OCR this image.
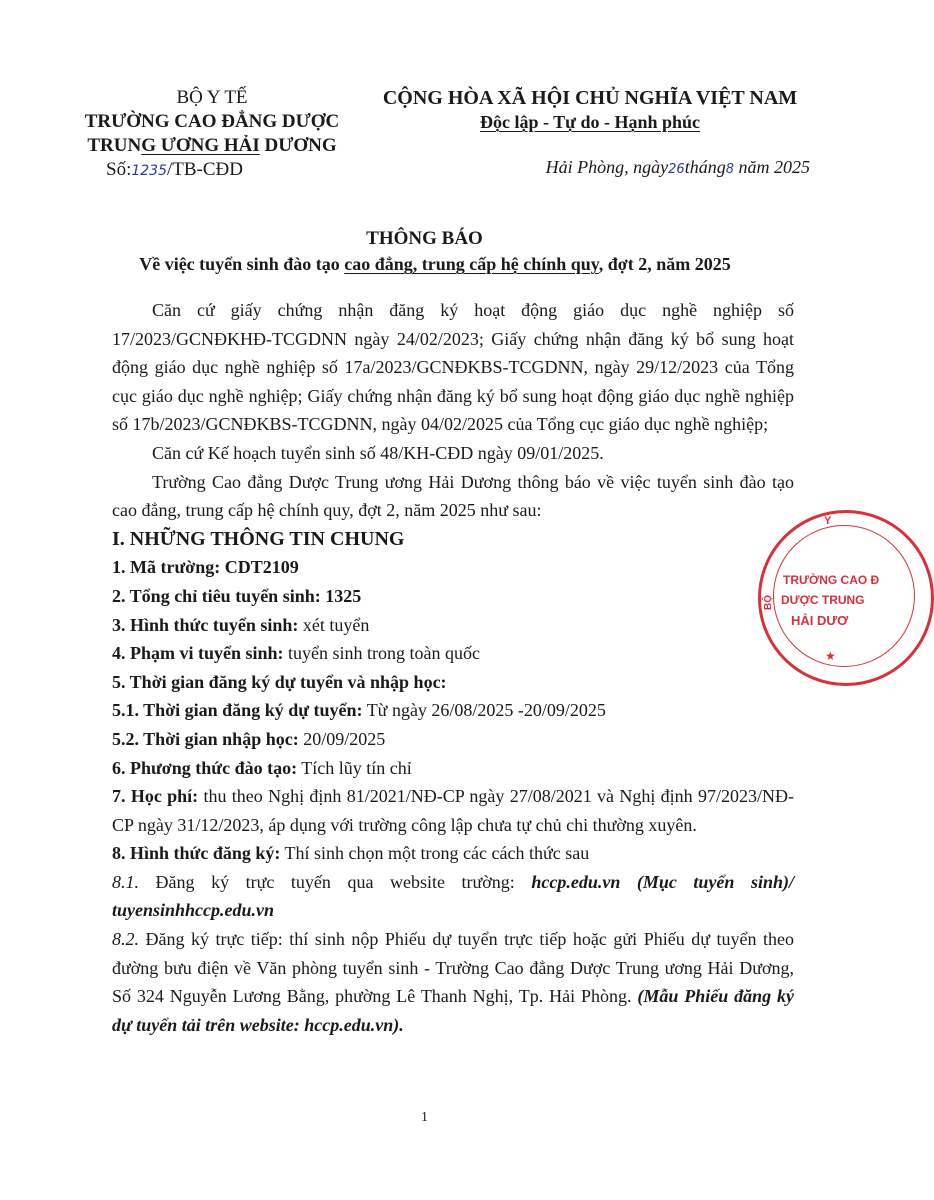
BỘ Y TẾ
TRƯỜNG CAO ĐẲNG DƯỢC
TRUNG ƯƠNG HẢI DƯƠNG
Số:1235/TB-CĐD
CỘNG HÒA XÃ HỘI CHỦ NGHĨA VIỆT NAM
Độc lập - Tự do - Hạnh phúc
Hải Phòng, ngày26tháng8 năm 2025
THÔNG BÁO
Về việc tuyển sinh đào tạo cao đẳng, trung cấp hệ chính quy, đợt 2, năm 2025

Căn cứ giấy chứng nhận đăng ký hoạt động giáo dục nghề nghiệp số 17/2023/GCNĐKHĐ-TCGDNN ngày 24/02/2023; Giấy chứng nhận đăng ký bổ sung hoạt động giáo dục nghề nghiệp số 17a/2023/GCNĐKBS-TCGDNN, ngày 29/12/2023 của Tổng cục giáo dục nghề nghiệp; Giấy chứng nhận đăng ký bổ sung hoạt động giáo dục nghề nghiệp số 17b/2023/GCNĐKBS-TCGDNN, ngày 04/02/2025 của Tổng cục giáo dục nghề nghiệp;

Căn cứ Kế hoạch tuyển sinh số 48/KH-CĐD ngày 09/01/2025.

Trường Cao đẳng Dược Trung ương Hải Dương thông báo về việc tuyển sinh đào tạo cao đẳng, trung cấp hệ chính quy, đợt 2, năm 2025 như sau:

I. NHỮNG THÔNG TIN CHUNG

1. Mã trường: CDT2109

2. Tổng chỉ tiêu tuyển sinh: 1325

3. Hình thức tuyển sinh: xét tuyển

4. Phạm vi tuyển sinh: tuyển sinh trong toàn quốc

5. Thời gian đăng ký dự tuyển và nhập học:

5.1. Thời gian đăng ký dự tuyển: Từ ngày 26/08/2025 -20/09/2025

5.2. Thời gian nhập học: 20/09/2025

6. Phương thức đào tạo: Tích lũy tín chỉ

7. Học phí: thu theo Nghị định 81/2021/NĐ-CP ngày 27/08/2021 và Nghị định 97/2023/NĐ-CP ngày 31/12/2023, áp dụng với trường công lập chưa tự chủ chi thường xuyên.

8. Hình thức đăng ký: Thí sinh chọn một trong các cách thức sau

8.1. Đăng ký trực tuyến qua website trường: hccp.edu.vn (Mục tuyển sinh)/ tuyensinhhccp.edu.vn

8.2. Đăng ký trực tiếp: thí sinh nộp Phiếu dự tuyển trực tiếp hoặc gửi Phiếu dự tuyển theo đường bưu điện về Văn phòng tuyển sinh - Trường Cao đẳng Dược Trung ương Hải Dương, Số 324 Nguyễn Lương Bằng, phường Lê Thanh Nghị, Tp. Hải Phòng. (Mẫu Phiếu đăng ký dự tuyển tải trên website: hccp.edu.vn).

Y
BỘ
TRƯỜNG CAO Đ
DƯỢC TRUNG
HẢI DƯƠ
★
1
